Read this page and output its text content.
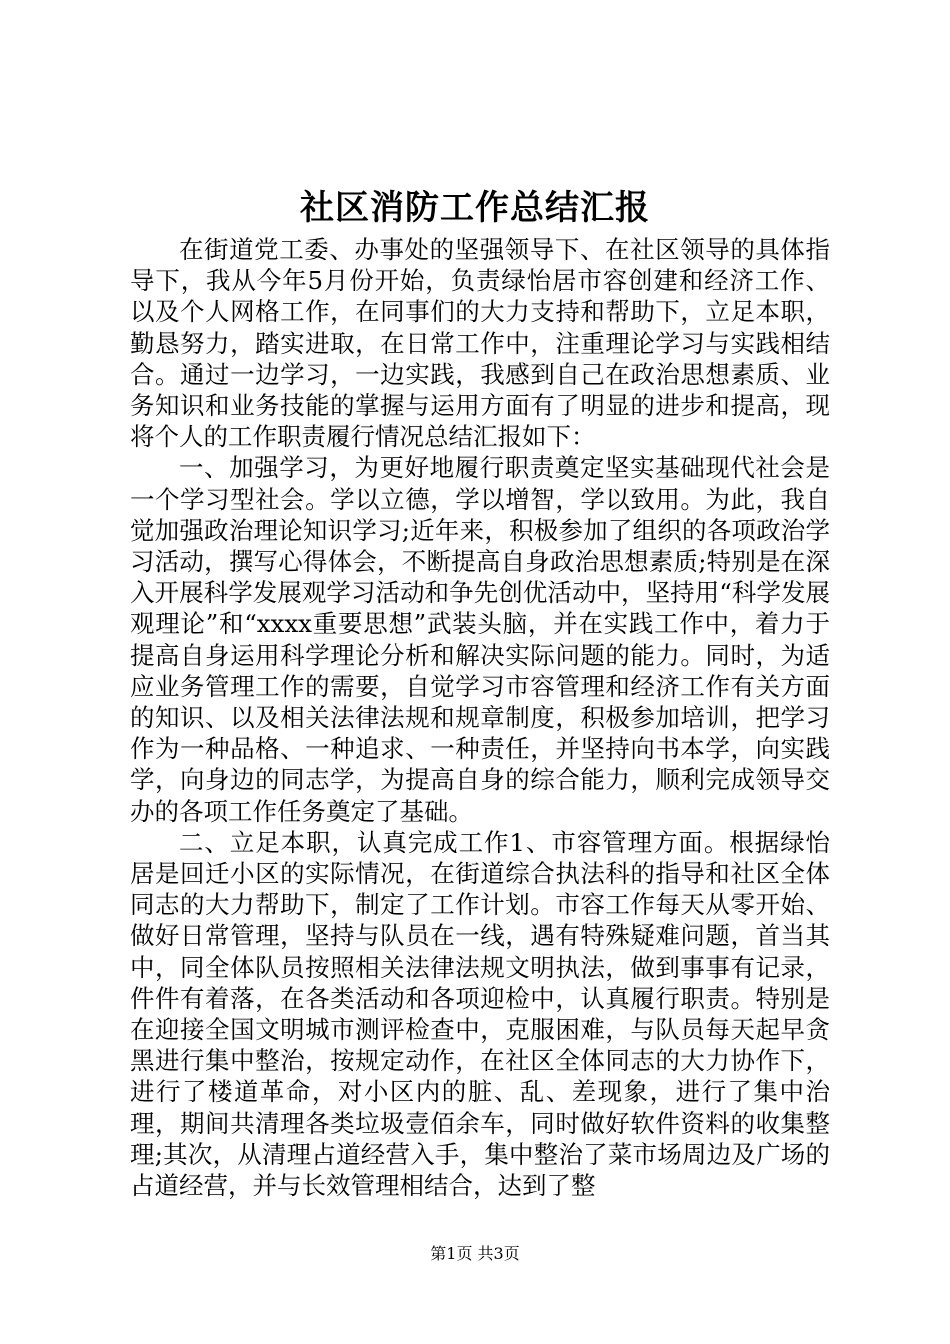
社区消防工作总结汇报

在街道党工委、办事处的坚强领导下、在社区领导的具体指导下，我从今年5月份开始，负责绿怡居市容创建和经济工作、以及个人网格工作，在同事们的大力支持和帮助下，立足本职，勤恳努力，踏实进取，在日常工作中，注重理论学习与实践相结合。通过一边学习，一边实践，我感到自己在政治思想素质、业务知识和业务技能的掌握与运用方面有了明显的进步和提高，现将个人的工作职责履行情况总结汇报如下：

一、加强学习，为更好地履行职责奠定坚实基础现代社会是一个学习型社会。学以立德，学以增智，学以致用。为此，我自觉加强政治理论知识学习;近年来，积极参加了组织的各项政治学习活动，撰写心得体会，不断提高自身政治思想素质;特别是在深入开展科学发展观学习活动和争先创优活动中，坚持用“科学发展观理论”和“xxxx重要思想”武装头脑，并在实践工作中，着力于提高自身运用科学理论分析和解决实际问题的能力。同时，为适应业务管理工作的需要，自觉学习市容管理和经济工作有关方面的知识、以及相关法律法规和规章制度，积极参加培训，把学习作为一种品格、一种追求、一种责任，并坚持向书本学，向实践学，向身边的同志学，为提高自身的综合能力，顺利完成领导交办的各项工作任务奠定了基础。

二、立足本职，认真完成工作1、市容管理方面。根据绿怡居是回迁小区的实际情况，在街道综合执法科的指导和社区全体同志的大力帮助下，制定了工作计划。市容工作每天从零开始、做好日常管理，坚持与队员在一线，遇有特殊疑难问题，首当其中，同全体队员按照相关法律法规文明执法，做到事事有记录，件件有着落，在各类活动和各项迎检中，认真履行职责。特别是在迎接全国文明城市测评检查中，克服困难，与队员每天起早贪黑进行集中整治，按规定动作，在社区全体同志的大力协作下，进行了楼道革命，对小区内的脏、乱、差现象，进行了集中治理，期间共清理各类垃圾壹佰余车，同时做好软件资料的收集整理;其次，从清理占道经营入手，集中整治了菜市场周边及广场的占道经营，并与长效管理相结合，达到了整

第1页 共3页
